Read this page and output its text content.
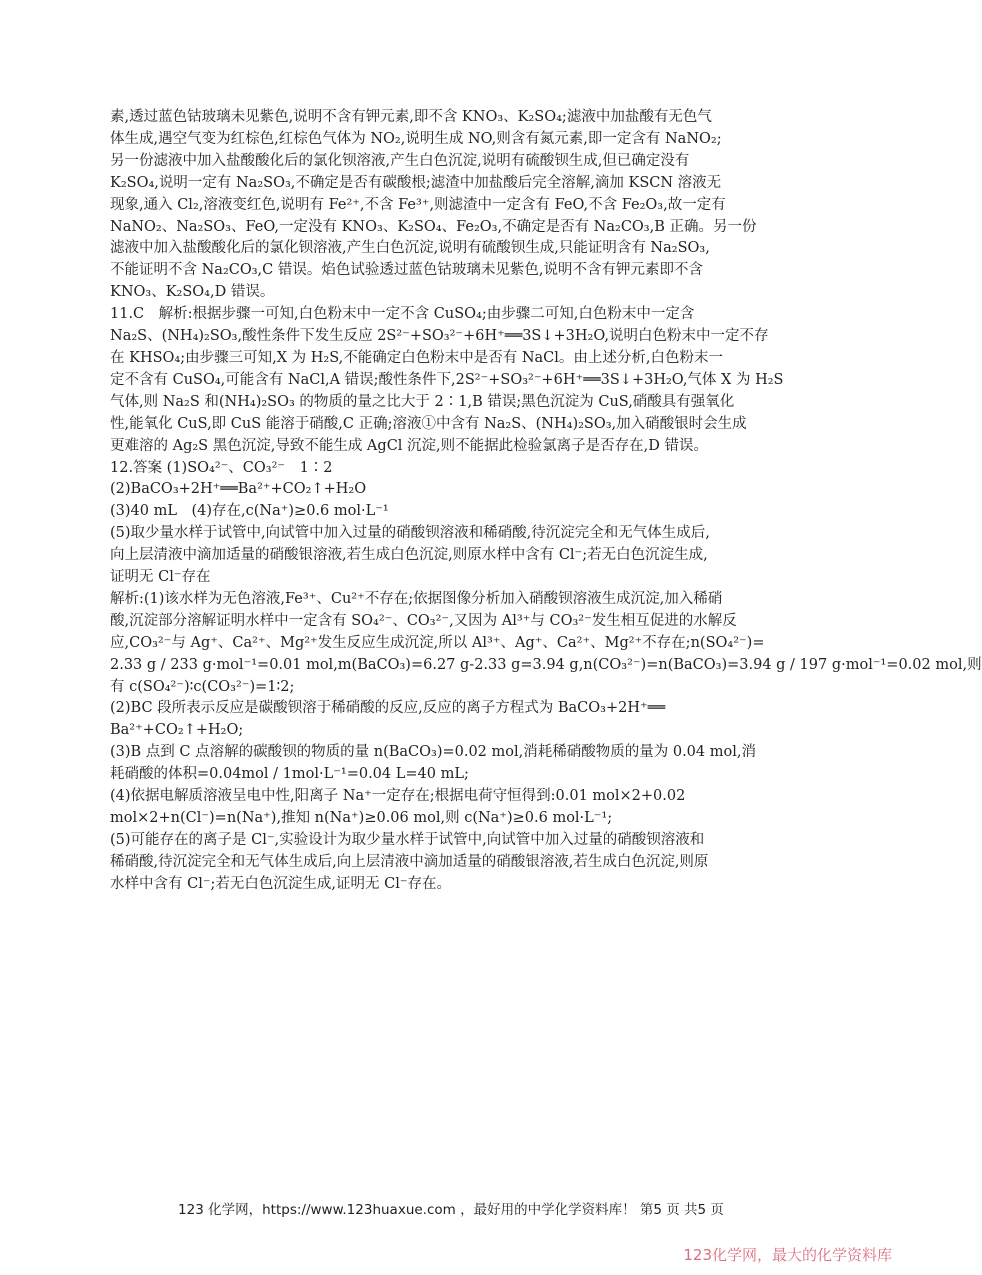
素,透过蓝色钴玻璃未见紫色,说明不含有钾元素,即不含 KNO₃、K₂SO₄;滤液中加盐酸有无色气
体生成,遇空气变为红棕色,红棕色气体为 NO₂,说明生成 NO,则含有氮元素,即一定含有 NaNO₂;
另一份滤液中加入盐酸酸化后的氯化钡溶液,产生白色沉淀,说明有硫酸钡生成,但已确定没有
K₂SO₄,说明一定有 Na₂SO₃,不确定是否有碳酸根;滤渣中加盐酸后完全溶解,滴加 KSCN 溶液无
现象,通入 Cl₂,溶液变红色,说明有 Fe²⁺,不含 Fe³⁺,则滤渣中一定含有 FeO,不含 Fe₂O₃,故一定有
NaNO₂、Na₂SO₃、FeO,一定没有 KNO₃、K₂SO₄、Fe₂O₃,不确定是否有 Na₂CO₃,B 正确。另一份
滤液中加入盐酸酸化后的氯化钡溶液,产生白色沉淀,说明有硫酸钡生成,只能证明含有 Na₂SO₃,
不能证明不含 Na₂CO₃,C 错误。焰色试验透过蓝色钴玻璃未见紫色,说明不含有钾元素即不含
KNO₃、K₂SO₄,D 错误。
11.C　解析:根据步骤一可知,白色粉末中一定不含 CuSO₄;由步骤二可知,白色粉末中一定含
Na₂S、(NH₄)₂SO₃,酸性条件下发生反应 2S²⁻+SO₃²⁻+6H⁺══3S↓+3H₂O,说明白色粉末中一定不存
在 KHSO₄;由步骤三可知,X 为 H₂S,不能确定白色粉末中是否有 NaCl。由上述分析,白色粉末一
定不含有 CuSO₄,可能含有 NaCl,A 错误;酸性条件下,2S²⁻+SO₃²⁻+6H⁺══3S↓+3H₂O,气体 X 为 H₂S
气体,则 Na₂S 和(NH₄)₂SO₃ 的物质的量之比大于 2∶1,B 错误;黑色沉淀为 CuS,硝酸具有强氧化
性,能氧化 CuS,即 CuS 能溶于硝酸,C 正确;溶液①中含有 Na₂S、(NH₄)₂SO₃,加入硝酸银时会生成
更难溶的 Ag₂S 黑色沉淀,导致不能生成 AgCl 沉淀,则不能据此检验氯离子是否存在,D 错误。
12.答案 (1)SO₄²⁻、CO₃²⁻　1∶2
(2)BaCO₃+2H⁺══Ba²⁺+CO₂↑+H₂O
(3)40 mL　(4)存在,c(Na⁺)≥0.6 mol·L⁻¹
(5)取少量水样于试管中,向试管中加入过量的硝酸钡溶液和稀硝酸,待沉淀完全和无气体生成后,
向上层清液中滴加适量的硝酸银溶液,若生成白色沉淀,则原水样中含有 Cl⁻;若无白色沉淀生成,
证明无 Cl⁻存在
解析:(1)该水样为无色溶液,Fe³⁺、Cu²⁺不存在;依据图像分析加入硝酸钡溶液生成沉淀,加入稀硝
酸,沉淀部分溶解证明水样中一定含有 SO₄²⁻、CO₃²⁻,又因为 Al³⁺与 CO₃²⁻发生相互促进的水解反
应,CO₃²⁻与 Ag⁺、Ca²⁺、Mg²⁺发生反应生成沉淀,所以 Al³⁺、Ag⁺、Ca²⁺、Mg²⁺不存在;n(SO₄²⁻)=
2.33 g / 233 g·mol⁻¹=0.01 mol,m(BaCO₃)=6.27 g-2.33 g=3.94 g,n(CO₃²⁻)=n(BaCO₃)=3.94 g / 197 g·mol⁻¹=0.02 mol,则
有 c(SO₄²⁻)∶c(CO₃²⁻)=1∶2;
(2)BC 段所表示反应是碳酸钡溶于稀硝酸的反应,反应的离子方程式为 BaCO₃+2H⁺══
Ba²⁺+CO₂↑+H₂O;
(3)B 点到 C 点溶解的碳酸钡的物质的量 n(BaCO₃)=0.02 mol,消耗稀硝酸物质的量为 0.04 mol,消
耗硝酸的体积=0.04mol / 1mol·L⁻¹=0.04 L=40 mL;
(4)依据电解质溶液呈电中性,阳离子 Na⁺一定存在;根据电荷守恒得到:0.01 mol×2+0.02
mol×2+n(Cl⁻)=n(Na⁺),推知 n(Na⁺)≥0.06 mol,则 c(Na⁺)≥0.6 mol·L⁻¹;
(5)可能存在的离子是 Cl⁻,实验设计为取少量水样于试管中,向试管中加入过量的硝酸钡溶液和
稀硝酸,待沉淀完全和无气体生成后,向上层清液中滴加适量的硝酸银溶液,若生成白色沉淀,则原
水样中含有 Cl⁻;若无白色沉淀生成,证明无 Cl⁻存在。
123 化学网，https://www.123huaxue.com ，最好用的中学化学资料库！ 第5 页 共5 页
123化学网，最大的化学资料库
